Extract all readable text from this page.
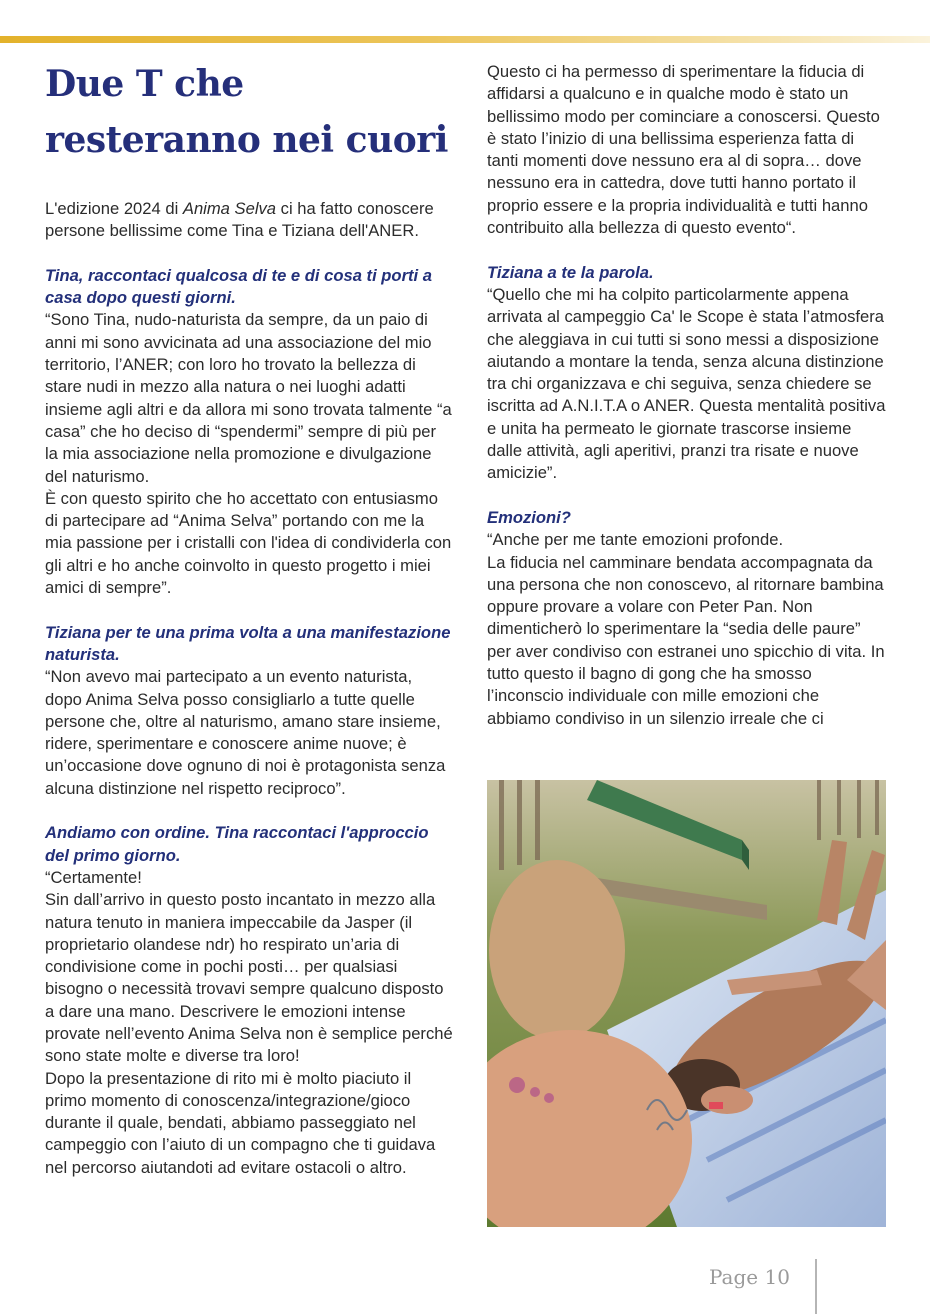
Due T che resteranno nei cuori

L'edizione 2024 di Anima Selva ci ha fatto conoscere persone bellissime come Tina e Tiziana dell'ANER.

Tina, raccontaci qualcosa di te e di cosa ti porti a casa dopo questi giorni.
“Sono Tina, nudo-naturista da sempre, da un paio di anni mi sono avvicinata ad una associazione del mio territorio, l’ANER; con loro ho trovato la bellezza di stare nudi in mezzo alla natura o nei luoghi adatti insieme agli altri e da allora mi sono trovata talmente “a casa” che ho deciso di “spendermi” sempre di più per la mia associazione nella promozione e divulgazione del naturismo.
È con questo spirito che ho accettato con entusiasmo di partecipare ad “Anima Selva” portando con me la mia passione per i cristalli con l'idea di condividerla con gli altri e ho anche coinvolto in questo progetto i miei amici di sempre”.
Tiziana per te una prima volta a una manifestazione naturista.
“Non avevo mai partecipato a un evento naturista, dopo Anima Selva posso consigliarlo a tutte quelle persone che, oltre al naturismo, amano stare insieme, ridere, sperimentare e conoscere anime nuove; è un’occasione dove ognuno di noi è protagonista senza alcuna distinzione nel rispetto reciproco”.
Andiamo con ordine. Tina raccontaci l'approccio del primo giorno.
“Certamente!
Sin dall’arrivo in questo posto incantato in mezzo alla natura tenuto in maniera impeccabile da Jasper (il proprietario olandese ndr) ho respirato un’aria di condivisione come in pochi posti… per qualsiasi bisogno o necessità trovavi sempre qualcuno disposto a dare una mano. Descrivere le emozioni intense provate nell’evento Anima Selva non è semplice perché sono state molte e diverse tra loro!
Dopo la presentazione di rito mi è molto piaciuto il primo momento di conoscenza/integrazione/gioco durante il quale, bendati, abbiamo passeggiato nel campeggio con l’aiuto di un compagno che ti guidava nel percorso aiutandoti ad evitare ostacoli o altro.
Questo ci ha permesso di sperimentare la fiducia di affidarsi a qualcuno e in qualche modo è stato un bellissimo modo per cominciare a conoscersi. Questo è stato l’inizio di una bellissima esperienza fatta di tanti momenti dove nessuno era al di sopra… dove nessuno era in cattedra, dove tutti hanno portato il proprio essere e la propria individualità e tutti hanno contribuito alla bellezza di questo evento“.
Tiziana a te la parola.
“Quello che mi ha colpito particolarmente appena arrivata al campeggio Ca' le Scope è stata l’atmosfera che aleggiava in cui tutti si sono messi a disposizione aiutando a montare la tenda, senza alcuna distinzione tra chi organizzava e chi seguiva, senza chiedere se iscritta ad A.N.I.T.A o ANER. Questa mentalità positiva e unita ha permeato le giornate trascorse insieme dalle attività, agli aperitivi, pranzi tra risate e nuove amicizie”.
Emozioni?
“Anche per me tante emozioni profonde.
La fiducia nel camminare bendata accompagnata da una persona che non conoscevo, al ritornare bambina oppure provare a volare con Peter Pan. Non dimenticherò lo sperimentare la “sedia delle paure” per aver condiviso con estranei uno spicchio di vita. In tutto questo il bagno di gong che ha smosso l’inconscio individuale con mille emozioni che abbiamo condiviso in un silenzio irreale che ci
Page 10
